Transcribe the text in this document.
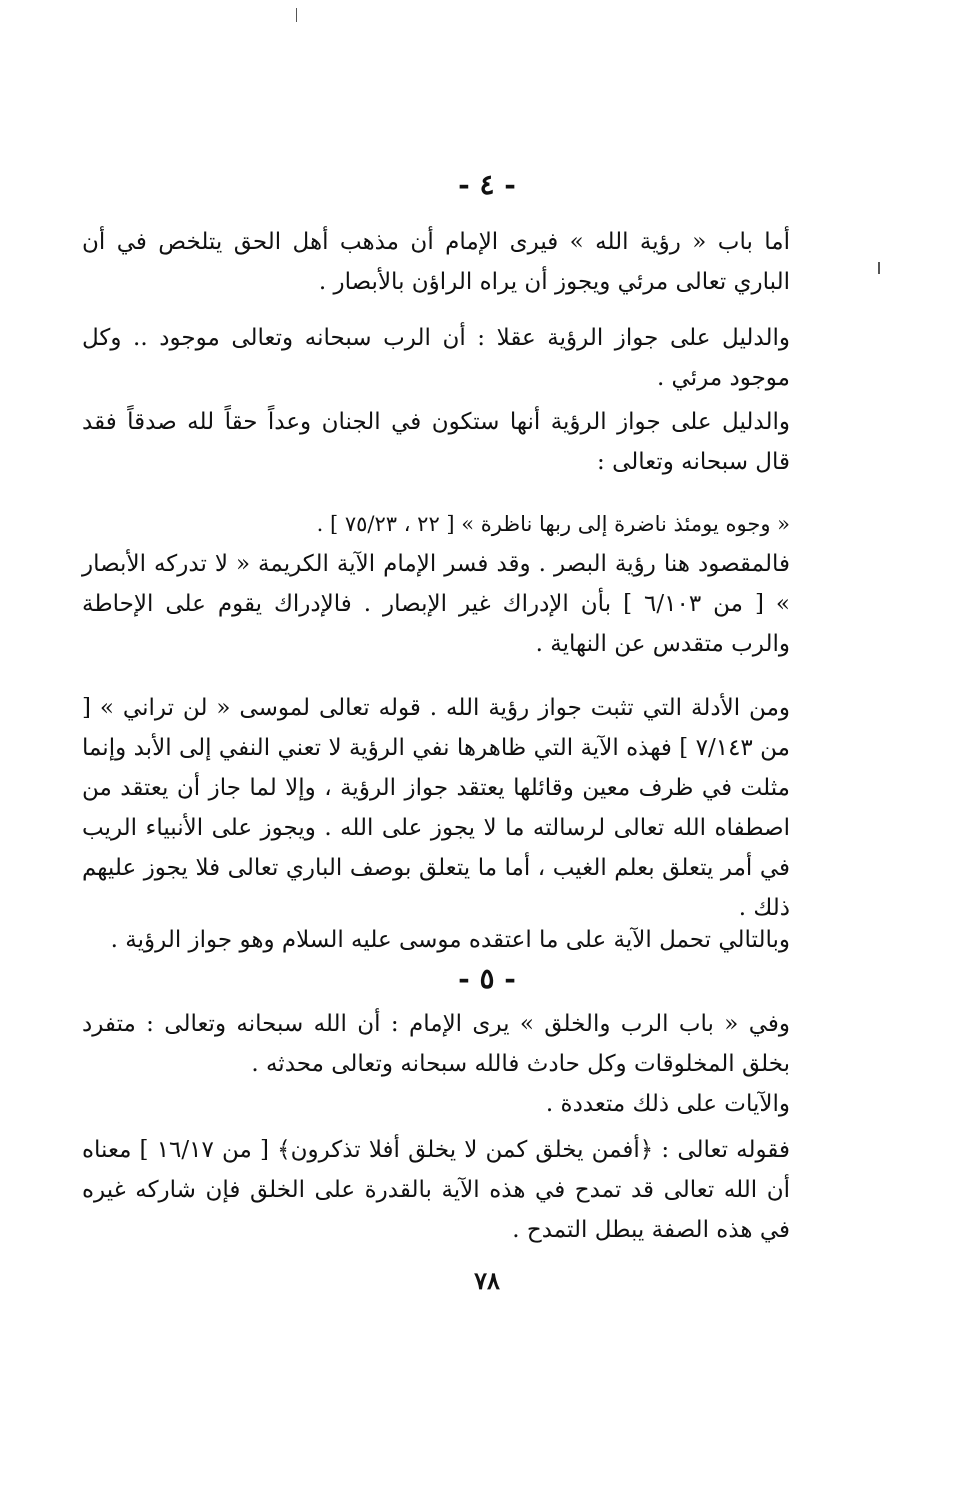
- ٤ -

أما باب « رؤية الله » فيرى الإمام أن مذهب أهل الحق يتلخص في أن الباري تعالى مرئي ويجوز أن يراه الراؤن بالأبصار .

والدليل على جواز الرؤية عقلا : أن الرب سبحانه وتعالى موجود .. وكل موجود مرئي .

والدليل على جواز الرؤية أنها ستكون في الجنان وعداً حقاً لله صدقاً فقد قال سبحانه وتعالى :

« وجوه يومئذ ناضرة إلى ربها ناظرة » [ ٢٢ ، ٧٥/٢٣ ] .

فالمقصود هنا رؤية البصر . وقد فسر الإمام الآية الكريمة « لا تدركه الأبصار » [ من ٦/١٠٣ ] بأن الإدراك غير الإبصار . فالإدراك يقوم على الإحاطة والرب متقدس عن النهاية .

ومن الأدلة التي تثبت جواز رؤية الله . قوله تعالى لموسى « لن تراني » [ من ٧/١٤٣ ] فهذه الآية التي ظاهرها نفي الرؤية لا تعني النفي إلى الأبد وإنما مثلت في ظرف معين وقائلها يعتقد جواز الرؤية ، وإلا لما جاز أن يعتقد من اصطفاه الله تعالى لرسالته ما لا يجوز على الله . ويجوز على الأنبياء الريب في أمر يتعلق بعلم الغيب ، أما ما يتعلق بوصف الباري تعالى فلا يجوز عليهم ذلك .

وبالتالي تحمل الآية على ما اعتقده موسى عليه السلام وهو جواز الرؤية .

- ٥ -

وفي « باب الرب والخلق » يرى الإمام : أن الله سبحانه وتعالى : متفرد بخلق المخلوقات وكل حادث فالله سبحانه وتعالى محدثه .

والآيات على ذلك متعددة .

فقوله تعالى : ﴿أفمن يخلق كمن لا يخلق أفلا تذكرون﴾ [ من ١٦/١٧ ] معناه أن الله تعالى قد تمدح في هذه الآية بالقدرة على الخلق فإن شاركه غيره في هذه الصفة يبطل التمدح .

٧٨
